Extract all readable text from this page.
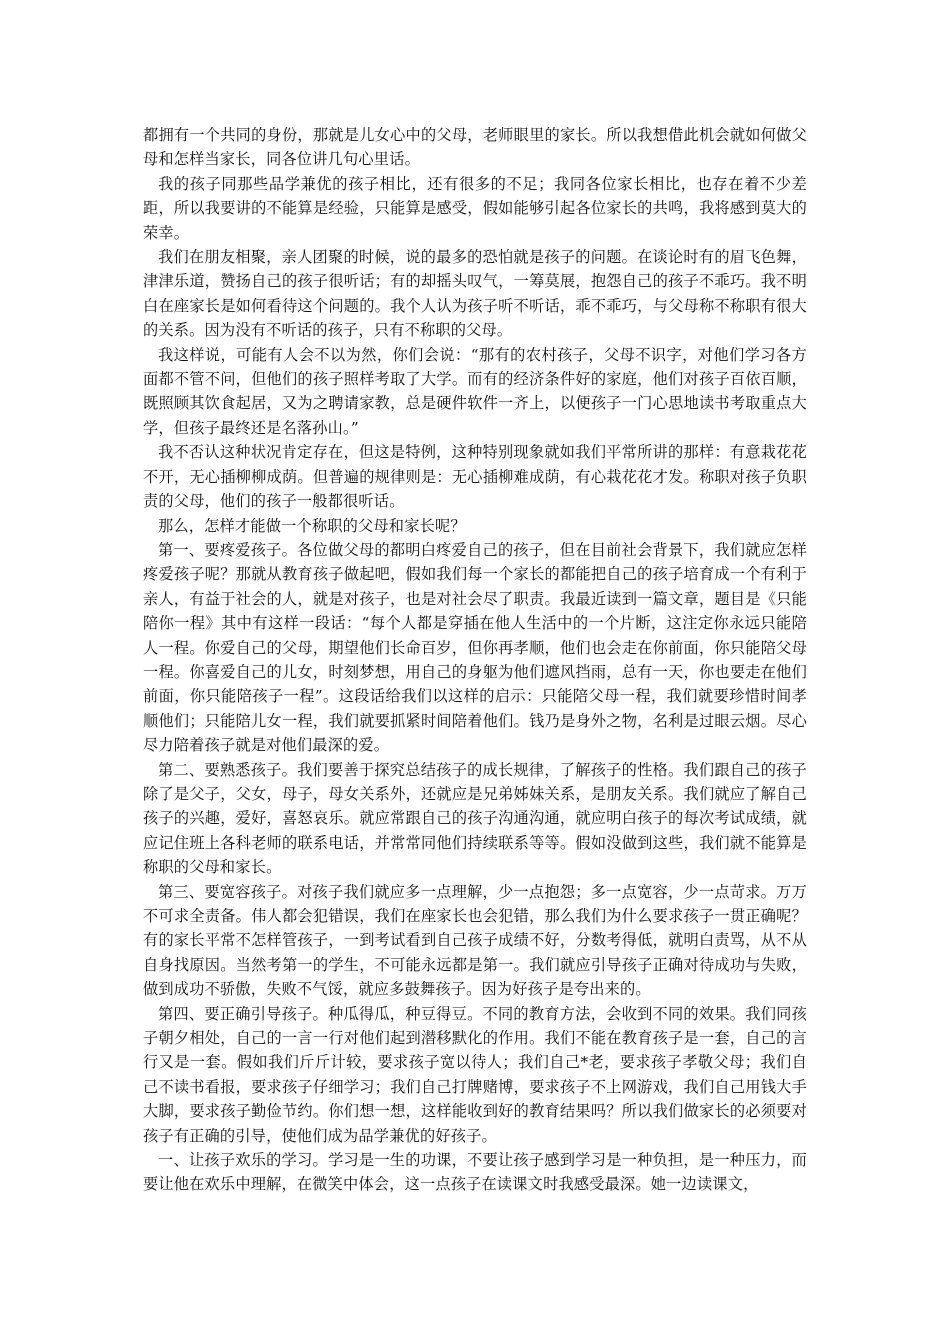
都拥有一个共同的身份，那就是儿女心中的父母，老师眼里的家长。所以我想借此机会就如何做父母和怎样当家长，同各位讲几句心里话。

我的孩子同那些品学兼优的孩子相比，还有很多的不足；我同各位家长相比，也存在着不少差距，所以我要讲的不能算是经验，只能算是感受，假如能够引起各位家长的共鸣，我将感到莫大的荣幸。

我们在朋友相聚，亲人团聚的时候，说的最多的恐怕就是孩子的问题。在谈论时有的眉飞色舞，津津乐道，赞扬自己的孩子很听话；有的却摇头叹气，一筹莫展，抱怨自己的孩子不乖巧。我不明白在座家长是如何看待这个问题的。我个人认为孩子听不听话，乖不乖巧，与父母称不称职有很大的关系。因为没有不听话的孩子，只有不称职的父母。

我这样说，可能有人会不以为然，你们会说：“那有的农村孩子，父母不识字，对他们学习各方面都不管不问，但他们的孩子照样考取了大学。而有的经济条件好的家庭，他们对孩子百依百顺，既照顾其饮食起居，又为之聘请家教，总是硬件软件一齐上，以便孩子一门心思地读书考取重点大学，但孩子最终还是名落孙山。”

我不否认这种状况肯定存在，但这是特例，这种特别现象就如我们平常所讲的那样：有意栽花花不开，无心插柳柳成荫。但普遍的规律则是：无心插柳难成荫，有心栽花花才发。称职对孩子负职责的父母，他们的孩子一般都很听话。

那么，怎样才能做一个称职的父母和家长呢？

第一、要疼爱孩子。各位做父母的都明白疼爱自己的孩子，但在目前社会背景下，我们就应怎样疼爱孩子呢？那就从教育孩子做起吧，假如我们每一个家长的都能把自己的孩子培育成一个有利于亲人，有益于社会的人，就是对孩子，也是对社会尽了职责。我最近读到一篇文章，题目是《只能陪你一程》其中有这样一段话：“每个人都是穿插在他人生活中的一个片断，这注定你永远只能陪人一程。你爱自己的父母，期望他们长命百岁，但你再孝顺，他们也会走在你前面，你只能陪父母一程。你喜爱自己的儿女，时刻梦想，用自己的身躯为他们遮风挡雨，总有一天，你也要走在他们前面，你只能陪孩子一程”。这段话给我们以这样的启示：只能陪父母一程，我们就要珍惜时间孝顺他们；只能陪儿女一程，我们就要抓紧时间陪着他们。钱乃是身外之物，名利是过眼云烟。尽心尽力陪着孩子就是对他们最深的爱。

第二、要熟悉孩子。我们要善于探究总结孩子的成长规律，了解孩子的性格。我们跟自己的孩子除了是父子，父女，母子，母女关系外，还就应是兄弟姊妹关系，是朋友关系。我们就应了解自己孩子的兴趣，爱好，喜怒哀乐。就应常跟自己的孩子沟通沟通，就应明白孩子的每次考试成绩，就应记住班上各科老师的联系电话，并常常同他们持续联系等等。假如没做到这些，我们就不能算是称职的父母和家长。

第三、要宽容孩子。对孩子我们就应多一点理解，少一点抱怨；多一点宽容，少一点苛求。万万不可求全责备。伟人都会犯错误，我们在座家长也会犯错，那么我们为什么要求孩子一贯正确呢？有的家长平常不怎样管孩子，一到考试看到自己孩子成绩不好，分数考得低，就明白责骂，从不从自身找原因。当然考第一的学生，不可能永远都是第一。我们就应引导孩子正确对待成功与失败，做到成功不骄傲，失败不气馁，就应多鼓舞孩子。因为好孩子是夸出来的。

第四、要正确引导孩子。种瓜得瓜，种豆得豆。不同的教育方法，会收到不同的效果。我们同孩子朝夕相处，自己的一言一行对他们起到潜移默化的作用。我们不能在教育孩子是一套，自己的言行又是一套。假如我们斤斤计较，要求孩子宽以待人；我们自己*老，要求孩子孝敬父母；我们自己不读书看报，要求孩子仔细学习；我们自己打牌赌博，要求孩子不上网游戏，我们自己用钱大手大脚，要求孩子勤俭节约。你们想一想，这样能收到好的教育结果吗？所以我们做家长的必须要对孩子有正确的引导，使他们成为品学兼优的好孩子。

一、让孩子欢乐的学习。学习是一生的功课，不要让孩子感到学习是一种负担，是一种压力，而要让他在欢乐中理解，在微笑中体会，这一点孩子在读课文时我感受最深。她一边读课文，
